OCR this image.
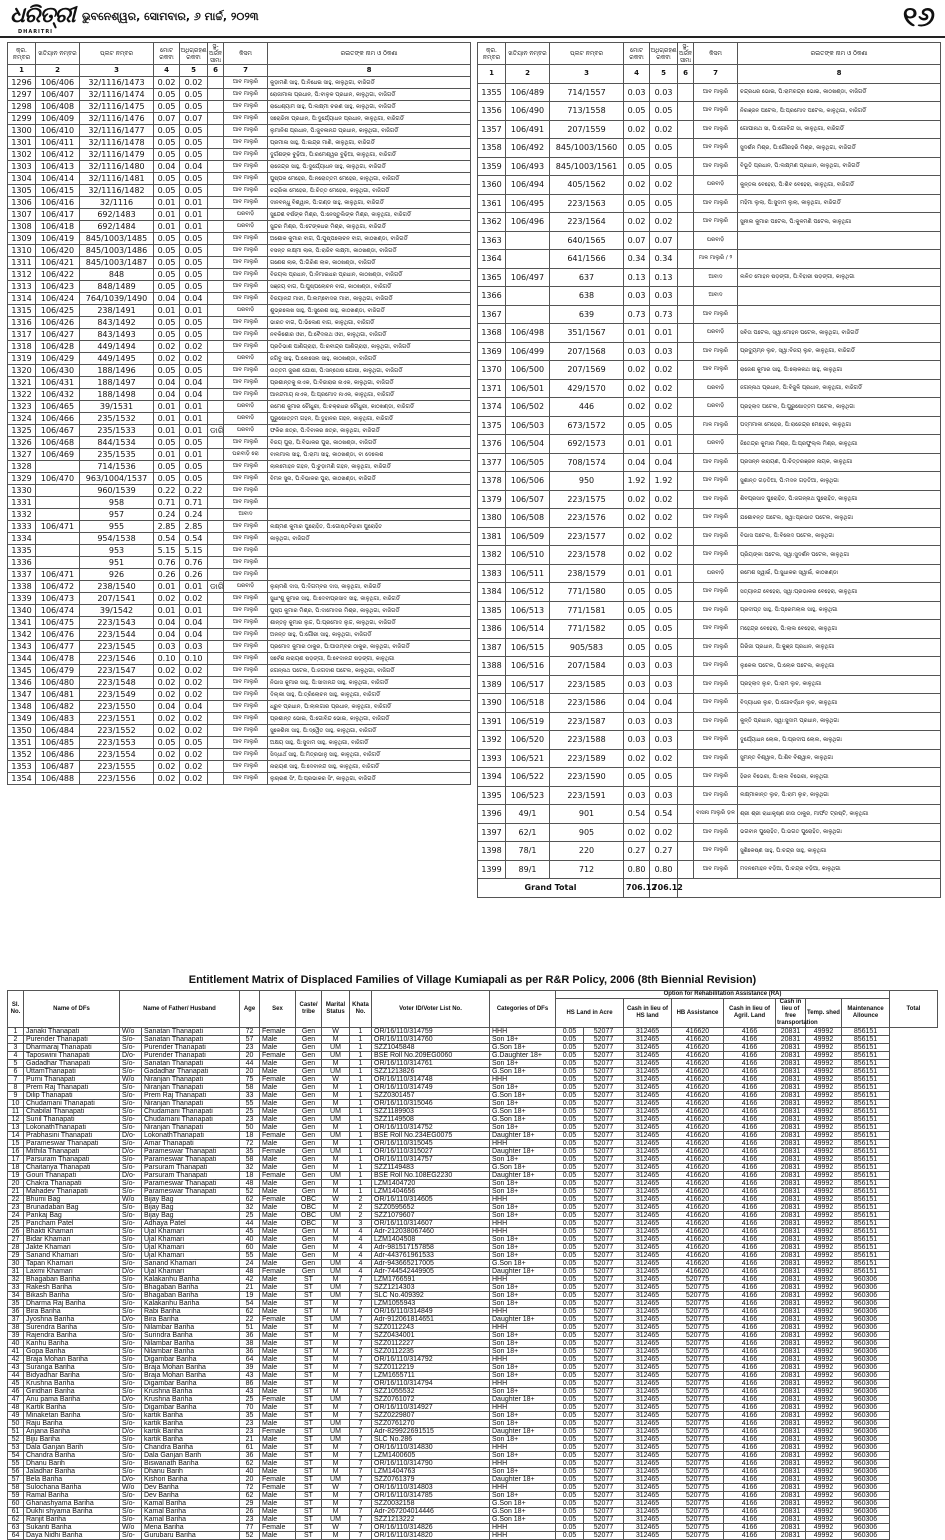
ଧରିତ୍ରୀ
DHARITRI
ଭୁବନେଶ୍ୱର, ସୋମବାର, ୬ ମାର୍ଚ୍ଚ, ୨୦୨୩	୧୬
କ୍ର. ନମ୍ବର	ଖତିୟାନ ନମ୍ବର	ପ୍ଲଟ ନମ୍ବର	ମୋଟ ରକବା	ଅଧିଗ୍ରହଣ ରକବା	ସ୍ଥ-ଅର୍ଜନ ସୀମା	କିସମ	ରଇତଙ୍କ ନାମ ଓ ଠିକଣା
1	2	3	4	5	6	7	8
1296	106/406	32/1116/1473	0.02	0.02		ଆବ ମାଲୁରି	କୁଡ଼ାମଣି ସାହୁ, ପି:ନିଧେଇ ସାହୁ, କାଳୁଥିଗା, ବାଜିଗର୍ଡି
1297	106/407	32/1116/1474	0.05	0.05		ଆବ ମାଲୁରି	ରୋଜାମାଳା ପ୍ରଧାନ, ପି:ବାଳୁକ ପ୍ରଧାନ, କାଳୁଥିଗା, ବାଜିଗର୍ଡି
1298	106/408	32/1116/1475	0.05	0.05		ଆବ ମାଲୁରି	ରାଧେଶ୍ୟାମ ସାହୁ, ପି:ଲକ୍ଷ୍ମୀ ଚରଣ ସାହୁ, କାଳୁଥିଗା, ବାଜିଗର୍ଡି
1299	106/409	32/1116/1476	0.07	0.07		ଆବ ମାଲୁରି	ସରୋଜିନୀ ପ୍ରଧାନ, ପି:ଦୁର୍ଯ୍ୟୋଧନ ପ୍ରଧାନ, କାଳୁଥିଗା, ବାଜିଗର୍ଡି
1300	106/410	32/1116/1477	0.05	0.05		ଆବ ମାଲୁରି	ଲୁମାନିଶ ପ୍ରଧାନ, ପି:ଜୁବଳାନନ୍ଦ ପ୍ରଧାନ, କାଳୁଥିଗା, ବାଜିଗର୍ଡି
1301	106/411	32/1116/1478	0.05	0.05		ଆବ ମାଲୁରି	ପ୍ରମୀଳା ସାହୁ, ପି:ଇନ୍ଦ୍ର ମାଣି, କାଳୁଥିଗା, ବାଜିଗର୍ଡି
1302	106/412	32/1116/1479	0.05	0.05		ଆବ ମାଲୁରି	ଦୁର୍ଗଶଙ୍କ ବୁଢ଼ିଆ, ପି:ରମେଶ୍ୱର ବୁଢ଼ିଆ, କାଳୁଥିଗା, ବାଜିଗର୍ଡି
1303	106/413	32/1116/1480	0.04	0.04		ଆବ ମାଲୁରି	ରାଜେନ୍ଦ୍ର ସାହୁ, ପି:ଦୁର୍ଯ୍ୟୋଧନ ସାହୁ, କାଳୁଥିଗା, ବାଜିଗର୍ଡି
1304	106/414	32/1116/1481	0.05	0.05		ଆବ ମାଲୁରି	ପୁଷ୍ପକ ମେହେର, ପି:ନରୋତ୍ତମ ମେହେର, କାଳୁଥିଗା, ବାଜିଗର୍ଡି
1305	106/415	32/1116/1482	0.05	0.05		ଆବ ମାଲୁରି	ଚନ୍ଦ୍ରିକା ମେହେର, ପି:ଚିତ୍ତ ମେହେର, କାଳୁଥିଗା, ବାଜିଗର୍ଡି
1306	106/416	32/1116	0.01	0.01		ଆବ ମାଲୁରି	ଦୀନବନ୍ଧୁ ବିଶ୍ୱାଳ, ପି:ଗଣ୍ଡ ସାହୁ, କାଳୁଥିଗା, ବାଜିଗର୍ଡି
1307	106/417	692/1483	0.01	0.01		ଘରବାଡ଼ି	ସୁନ୍ଦେଶ ବର୍ଷଙ୍କ ମିଶ୍ର, ପି:ନେସ୍ତୁଲିଙ୍କ ମିଶ୍ର, କାଳୁଥିଗା, ବାଜିଗର୍ଡି
1308	106/418	692/1484	0.01	0.01		ଘରବାଡ଼ି	ସୁନ୍ଦର ମିଶ୍ର, ପି:ଟେଙ୍କଧର ମିଶ୍ର, କାଳୁଥିଗା, ବାଜିଗର୍ଡି
1309	106/419	845/1003/1485	0.05	0.05		ଆବ ମାଲୁରି	ଅଶୋକ କୁମାର ବାଗ, ପି:ପୁଷ୍ପଲୋଚନ ବାଗ, କାଠଖଣ୍ଡା, ବାଜିଗର୍ଡି
1310	106/420	845/1003/1486	0.05	0.05		ଆବ ମାଲୁରି	ବସନ୍ତ ଲକ୍ଷ୍ମୀ ଲାକ, ପି:ରାଜିବ ଲକ୍ଷ୍ମୀ, କାଠଖଣ୍ଡା, ବାଜିଗର୍ଡି
1311	106/421	845/1003/1487	0.05	0.05		ଆବ ମାଲୁରି	ଗଣେଶ ଲାକ, ପି:ଗିରିଶ ଲାକ, କାଠଖଣ୍ଡା, ବାଜିଗର୍ଡି
1312	106/422	848	0.05	0.05		ଆବ ମାଲୁରି	ବିଜୟଲ ପ୍ରଧାନ, ପି:ନିମାଇଧର ପ୍ରଧାନ, କାଠଖଣ୍ଡା, ବାଜିଗର୍ଡି
1313	106/423	848/1489	0.05	0.05		ଆବ ମାଲୁରି	ସଞ୍ଜୟ ବାଗ, ପି:ପୁଷ୍ପଲୋଚନ ବାଗ, କାଠଖଣ୍ଡା, ବାଜିଗର୍ଡି
1314	106/424	764/1039/1490	0.04	0.04		ଆବ ମାଲୁରି	ବିଜୟାନନ୍ଦ ମାଝୀ, ପି:ଲମ୍ବୋଦର ମାଝୀ, କାଳୁଥିଗା, ବାଜିଗର୍ଡି
1315	106/425	238/1491	0.01	0.01		ଘରବାଡ଼ି	ଶୁଭ୍ରଲେଖ ସାହୁ, ପି:ସୁରେଶ ସାହୁ, କାଠଖଣ୍ଡା, ବାଜିଗର୍ଡି
1316	106/426	843/1492	0.05	0.05		ଆବ ମାଲୁରି	ଭାରତ ବାଗ, ପି:ଭିଲେଣ ବାଗ, କାଳୁଥିଗା, ବାଜିଗର୍ଡି
1317	106/427	843/1493	0.05	0.05		ଆବ ମାଲୁରି	ନବକିଶୋର ଓଝା, ପି:ବୈଦନାଥ ଓଝା, କାଳୁଥିଗା, ବାଜିଗର୍ଡି
1318	106/428	449/1494	0.02	0.02		ଆବ ମାଲୁରି	ପ୍ରତିଭାଶ ପାଣିଗ୍ରାହୀ, ପି:ରବୀନ୍ଦ୍ର ପାଣିଗ୍ରାହୀ, କାଳୁଥିଗା, ବାଜିଗର୍ଡି
1319	106/429	449/1495	0.02	0.02		ଘରବାଡ଼ି	ଜଗିବୁ ସାହୁ, ପି:ଲେସେଲ ସାହୁ, କାଠଖଣ୍ଡା, ବାଜିଗର୍ଡି
1320	106/430	188/1496	0.05	0.05		ଆବ ମାଲୁରି	ଉତ୍ତମ ଜୁରଣ ଯୋଷୀ, ପି:ସନ୍ତୋଷ ଯୋଷୀ, କାଳୁଥିଗା, ବାଜିଗର୍ଡି
1321	106/431	188/1497	0.04	0.04		ଆବ ମାଲୁରି	ପ୍ରଶାନ୍ତକୁ ନାଏକ, ପି:ବିଜାରାର ନାଏକ, କାଳୁଥିଗା, ବାଜିଗର୍ଡି
1322	106/432	188/1498	0.04	0.04		ଆବ ମାଲୁରି	ଆନନ୍ଦମାୟ ନାଏକ, ପି:ପ୍ରମୋଦ ନାଏକ, କାଳୁଥିଗା, ବାଜିଗର୍ଡି
1323	106/465	39/1531	0.01	0.01		ଘରବାଡ଼ି	ରମେଶ କୁମାର ଚୌଧୁରୀ, ପି:ଚକ୍ରଧର ଚୌଧୁରୀ, କାଠଖଣ୍ଡା, ବାଜିଗର୍ଡି
1324	106/466	235/1532	0.01	0.01		ଘରବାଡ଼ି	ପୁରୁଷୋତ୍ତମ ଗହନ, ପି:ଦୁହାନର ଗହନ, କାଳୁଥିଗା, ବାଜିଗର୍ଡି
1325	106/467	235/1533	0.01	0.01	ଡାରି	ଘରବାଡ଼ି	ଫକିର ଛତ୍ର, ପି:ଦିବାକର ଛତ୍ର, କାଳୁଥିଗା, ବାଜିଗର୍ଡି
1326	106/468	844/1534	0.05	0.05		ଆବ ମାଲୁରି	ବିଜୟ ପୁରା, ପି:ବିଭାକର ପୁରା, କାଠଖଣ୍ଡା, ବାଜିଗର୍ଡି
1327	106/469	235/1535	0.01	0.01		ଘରବାଡ଼ି ରୋ	ବାଲମାଲ ସାହୁ, ପି:ରାମା ସାହୁ, କାଠଖଣ୍ଡା, ବା ଦେଲେଶ
1328		714/1536	0.05	0.05		ଆବ ମାଲୁରି	ଲାଲମୋହନ ଗହନ, ପି:ଚୁଡ଼ାମଣି ଗହନ, କାଳୁଥିଗା, ବାଜିଗର୍ଡି
1329	106/470	963/1004/1537	0.05	0.05		ଆବ ମାଲୁରି	ବିମଳ ସୁନା, ପି:ବିଭାକର ପୁରା, କାଠଖଣ୍ଡା, ବାଜିଗର୍ଡି
1330		960/1539	0.22	0.22		ଆବ ମାଲୁରି	
1331		958	0.71	0.71		ଆବ ମାଲୁରି	
1332		957	0.24	0.24		ଆବାଦ	
1333	106/471	955	2.85	2.85		ଆବ ମାଲୁରି	ଲକ୍ଷ୍ମଣ କୁମାର ପୁରୋହିତ, ପି:ଗୋଷ୍ଠବିହାରୀ ପୁରୋହିତ
1334		954/1538	0.54	0.54		ଆବ ମାଲୁରି	କାଳୁଥିଗା, ବାଜିଗର୍ଡି
1335		953	5.15	5.15		ଆବ ମାଲୁରି	
1336		951	0.76	0.76		ଆବ ମାଲୁରି	
1337	106/471	926	0.26	0.26		ଆବ ମାଲୁରି	
1338	106/472	238/1540	0.01	0.01	ଡାରି	ଘରବାଡ଼ି	ଲୁଚାମଣି ଦାସ, ପି:ଦିଗମ୍ବର ଦାସ, କାଳୁଥିଗା, ବାଜିଗର୍ଡି
1339	106/473	207/1541	0.02	0.02		ଆବ ମାଲୁରି	ସୁଧାଂଶୁ କୁମାର ସାହୁ, ପି:ଦେବୀପ୍ରସାଦ ସାହୁ, କାଳୁଥିଗା, ବାଜିଗର୍ଡି
1340	106/474	39/1542	0.01	0.01		ଆବ ମାଲୁରି	ପୁଷ୍ପ କୁମାର ମିଶ୍ର, ପି:ଦାମୋଦର ମିଶ୍ର, କାଳୁଥିଗା, ବାଜିଗର୍ଡି
1341	106/475	223/1543	0.04	0.04		ଆବ ମାଲୁରି	ଶାନ୍ତନୁ କୁମାର ଲୁଚ୍ଚ, ପି:ପ୍ରମୋଦ ଲୁଚ୍ଚ, କାଳୁଥିଗା, ବାଜିଗର୍ଡି
1342	106/476	223/1544	0.04	0.04		ଆବ ମାଲୁରି	ଅନନ୍ତ ସାହୁ, ପି:ଗୌରୀ ସାହୁ, କାଳୁଥିଗା, ବାଜିଗର୍ଡି
1343	106/477	223/1545	0.03	0.03		ଆବ ମାଲୁରି	ପ୍ରମୋଦ କୁମାର ଠାକୁର, ପି:ପୀତାମ୍ବର ଠାକୁର, କାଳୁଥିଗା, ବାଜିଗର୍ଡି
1344	106/478	223/1546	0.10	0.10		ଆବ ମାଲୁରି	ସର୍ବେଶ ନାରାୟଣ ଷଡ଼ଙ୍ଗୀ, ପି:ବେଦାନନ୍ଦ ଷଡ଼ଙ୍ଗୀ, କାଳୁଥିଗା
1345	106/479	223/1547	0.02	0.02		ଆବ ମାଲୁରି	ଜଗନ୍ନାଥ ପଟେଲ, ପି:ଜଗଦୀଶ ପଟେଲ, କାଳୁଥିଗା, ବାଜିଗର୍ଡି
1346	106/480	223/1548	0.02	0.02		ଆବ ମାଲୁରି	ନିଭାସ କୁମାର ସାହୁ, ପି:ସାଦାନନ୍ଦ ସାହୁ, କାଳୁଥିଗା, ବାଜିଗର୍ଡି
1347	106/481	223/1549	0.02	0.02		ଆବ ମାଲୁରି	ଦିଲ୍ଲୀ ସାହୁ, ପି:ତ୍ରିଲୋଚନ ସାହୁ, କାଳୁଥିଗା, ବାଜିଗର୍ଡି
1348	106/482	223/1550	0.04	0.04		ଆବ ମାଲୁରି	ଧ୍ରୁବ ପ୍ରଧାନ, ପି:ଲାଲଗାର ପ୍ରଧାନ, କାଳୁଥିଗା, ବାଜିଗର୍ଡି
1349	106/483	223/1551	0.02	0.02		ଆବ ମାଲୁରି	ପ୍ରଶାନ୍ତ ଭୋଇ, ପି:ଗୋବିନ୍ଦ ଭୋଇ, କାଳୁଥିଗା, ବାଜିଗର୍ଡି
1350	106/484	223/1552	0.02	0.02		ଆବ ମାଲୁରି	ସୁକେଶିନୀ ସାହୁ, ପି:ଦ୍ୱୈତ ସାହୁ, କାଳୁଥିଗା, ବାଜିଗର୍ଡି
1351	106/485	223/1553	0.05	0.05		ଆବ ମାଲୁରି	ଅକ୍ଷୟ ସାହୁ, ପି:ସୁଦାମ ସାହୁ, କାଳୁଥିଗା, ବାଜିଗର୍ଡି
1352	106/486	223/1554	0.02	0.02		ଆବ ମାଲୁରି	ସିଦ୍ଧାର୍ଥ ସାହୁ, ପି:ମିତ୍ରଭାନୁ ସାହୁ, କାଳୁଥିଗା, ବାଜିଗର୍ଡି
1353	106/487	223/1555	0.02	0.02		ଆବ ମାଲୁରି	ନାରାୟଣ ସାହୁ, ପି:ଦେବାନନ୍ଦ ସାହୁ, କାଳୁଥିଗା, ବାଜିଗର୍ଡି
1354	106/488	223/1556	0.02	0.02		ଆବ ମାଲୁରି	ଲୁଚାରଣ ସିଂ, ପି:ପ୍ରଭାକର ସିଂ, କାଳୁଥିଗା, ବାଜିଗର୍ଡି
କ୍ର. ନମ୍ବର	ଖତିୟାନ ନମ୍ବର	ପ୍ଲଟ ନମ୍ବର	ମୋଟ ରକବା	ଅଧିଗ୍ରହଣ ରକବା	ସ୍ଥ-ଅର୍ଜନ ସୀମା	କିସମ	ରଇତଙ୍କ ନାମ ଓ ଠିକଣା
1	2	3	4	5	6	7	8
1355	106/489	714/1557	0.03	0.03		ଆବ ମାଲୁରି	ଚନ୍ଦ୍ରଧର ଭୋଇ, ପି:ରାମଚନ୍ଦ୍ର ଭୋଇ, କାଠଖଣ୍ଡା, ବାଜିଗର୍ଡି
1356	106/490	713/1558	0.05	0.05		ଆବ ମାଲୁରି	ନିରଞ୍ଜନ ପଟେଲ, ପି:ପ୍ରମୋଦ ପଟେଲ, କାଳୁଥିଗା, ବାଜିଗର୍ଡି
1357	106/491	207/1559	0.02	0.02		ଆବ ମାଲୁରି	ଗୋପୀନାଥ ସା, ପି:ଗୋବିନ୍ଦ ସା, କାଳୁଥିଗା, ବାଜିଗର୍ଡି
1358	106/492	845/1003/1560	0.05	0.05		ଆବ ମାଲୁରି	ସୁଦର୍ଶନ ମିଶ୍ର, ପି:ଗୌରହରି ମିଶ୍ର, କାଳୁଥିଗା, ବାଜିଗର୍ଡି
1359	106/493	845/1003/1561	0.05	0.05		ଆବ ମାଲୁରି	ବିଭୂତି ପ୍ରଧାନ, ପି:ଲକ୍ଷ୍ମଣ ପ୍ରଧାନ, କାଳୁଥିଗା, ବାଜିଗର୍ଡି
1360	106/494	405/1562	0.02	0.02		ଘରବାଡ଼ି	କୁନ୍ତଳା ବେହେରା, ପି:ଶିବ ବେହେରା, କାଳୁଥିଗା, ବାଜିଗର୍ଡି
1361	106/495	223/1563	0.05	0.05		ଆବ ମାଲୁରି	ମହିମା ଲୁଲା, ପି:ସୁଦାମ ଲୁଲା, କାଳୁଥିଗା, ବାଜିଗର୍ଡି
1362	106/496	223/1564	0.02	0.02		ଆବ ମାଲୁରି	ସୁନୀଲ କୁମାର ପଟେଲ, ପି:କୁଳମଣି ପଟେଲ, କାଳୁଥିଗା
1363		640/1565	0.07	0.07		ଘରବାଡ଼ି	
1364		641/1566	0.34	0.34		ମାଳ ମାଲୁରି / ୨	
1365	106/497	637	0.13	0.13		ଆବାଦ	ଲଳିତ ମୋହନ ଷଡ଼ଙ୍ଗୀ, ପି:ବିହାରୀ ଷଡ଼ଙ୍ଗୀ, କାଳୁଥିଗା
1366		638	0.03	0.03		ଆବାଦ	
1367		639	0.73	0.73		ଆବ ମାଲୁରି	
1368	106/498	351/1567	0.01	0.01		ଘରବାଡ଼ି	ସବିତା ପଟେଲ, ସ୍ୱା:ମୋହନ ପଟେଲ, କାଳୁଥିଗା, ବାଜିଗର୍ଡି
1369	106/499	207/1568	0.03	0.03		ଆବ ମାଲୁରି	ପ୍ରଦ୍ୟୁମ୍ନ ଲୁଚ, ସ୍ୱା:ବିଜୟ ଲୁଚ, କାଳୁଥିଗା, ବାଜିଗର୍ଡି
1370	106/500	207/1569	0.02	0.02		ଆବ ମାଲୁରି	ରାଜେଶ କୁମାର ସାହୁ, ପି:ଲୋକନାଥ ସାହୁ, କାଳୁଥିଗା
1371	106/501	429/1570	0.02	0.02		ଘରବାଡ଼ି	ଜଗନ୍ନାଥ ପ୍ରଧାନ, ପି:ବିଜୁଳି ପ୍ରଧାନ, କାଳୁଥିଗା, ବାଜିଗର୍ଡି
1374	106/502	446	0.02	0.02		ଘରବାଡ଼ି	ପ୍ରହ୍ଲାଦ ପଟେଲ, ପି:ପୁରୁଷୋତ୍ତମ ପଟେଲ, କାଳୁଥିଗା
1375	106/503	673/1572	0.05	0.05		ମାଳ ମାଲୁରି	ପଦ୍ମମାଳୀ ମେହେର, ପି:ରାଜେନ୍ଦ୍ର ମେହେର, କାଳୁଥିଗା
1376	106/504	692/1573	0.01	0.01		ଘରବାଡ଼ି	ଜିତେନ୍ଦ୍ର କୁମାର ମିଶ୍ର, ପି:ପ୍ରଫୁଲ୍ଲ ମିଶ୍ର, କାଳୁଥିଗା
1377	106/505	708/1574	0.04	0.04		ଆବ ମାଲୁରି	ପ୍ରସନ୍ନ ନାରାୟଣ, ପି:ଚିତ୍ତରଞ୍ଜନ ନାୟକ, କାଳୁଥିଗା
1378	106/506	950	1.92	1.92		ଆବ ମାଲୁରି	ସୁଶାନ୍ତ ଗଡ଼ତିଆ, ପି:ମଦନ ଗଡ଼ତିଆ, କାଳୁଥିଗା
1379	106/507	223/1575	0.02	0.02		ଆବ ମାଲୁରି	ଶିବପ୍ରସାଦ ପୁରୋହିତ, ପି:ଜଗନ୍ନାଥ ପୁରୋହିତ, କାଳୁଥିଗା
1380	106/508	223/1576	0.02	0.02		ଆବ ମାଲୁରି	ଯଶୋବନ୍ତ ପଟେଲ, ସ୍ୱା:ପ୍ରଭାତ ପଟେଲ, କାଳୁଥିଗା
1381	106/509	223/1577	0.02	0.02		ଆବ ମାଲୁରି	ବିଭାସ ପଟେଲ, ପି:ବିନୋଦ ପଟେଲ, କାଳୁଥିଗା
1382	106/510	223/1578	0.02	0.02		ଆବ ମାଲୁରି	ପ୍ରିୟଙ୍କା ପଟେଲ, ସ୍ୱା:ସୁଦର୍ଶନ ପଟେଲ, କାଳୁଥିଗା
1383	106/511	238/1579	0.01	0.01		ଘରବାଡ଼ି	ରମେଶ ସ୍ୱାଇଁ, ପି:ସୁଧାକର ସ୍ୱାଇଁ, କାଠଖଣ୍ଡା
1384	106/512	771/1580	0.05	0.05		ଆବ ମାଲୁରି	ସତ୍ୟାନନ୍ଦ ବେହେରା, ସ୍ୱା:ପ୍ରଭାକର ବେହେରା, କାଳୁଥିଗା
1385	106/513	771/1581	0.05	0.05		ଆବ ମାଲୁରି	ପ୍ରଦୀପ୍ତ ସାହୁ, ପି:ପ୍ରେମଲାଲ ସାହୁ, କାଳୁଥିଗା
1386	106/514	771/1582	0.05	0.05		ଆବ ମାଲୁରି	ମହେନ୍ଦ୍ର ବେହେରା, ପି:ଲାଲ ବେହେରା, କାଳୁଥିଗା
1387	106/515	905/583	0.05	0.05		ଆବ ମାଲୁରି	ଗିରିଜା ପ୍ରଧାନ, ପି:କୁଞ୍ଜ ପ୍ରଧାନ, କାଳୁଥିଗା
1388	106/516	207/1584	0.03	0.03		ଆବ ମାଲୁରି	ଲୁକେଲ ପଟେଲ, ପି:ଲୋକ ପଟେଲ, କାଳୁଥିଗା
1389	106/517	223/1585	0.03	0.03		ଆବ ମାଲୁରି	ପ୍ରହ୍ଲାଦ ଲୁଚ, ପି:ରାମ ଲୁଚ, କାଳୁଥିଗା
1390	106/518	223/1586	0.04	0.04		ଆବ ମାଲୁରି	ବିଦ୍ୟାଧର ଲୁଚ, ପି:ଗୋବର୍ଦ୍ଧନ ଲୁଚ, କାଳୁଥିଗା
1391	106/519	223/1587	0.03	0.03		ଆବ ମାଲୁରି	କୁନ୍ତି ପ୍ରଧାନ, ସ୍ୱା:ସୁଦାମ ପ୍ରଧାନ, କାଳୁଥିଗା
1392	106/520	223/1588	0.03	0.03		ଆବ ମାଲୁରି	ଦୁର୍ଯ୍ୟୋଧନ ଲୋଲ, ପି:ପ୍ରଦୀପ ଲୋଲ, କାଳୁଥିଗା
1393	106/521	223/1589	0.02	0.02		ଆବ ମାଲୁରି	ସୁମନ୍ତ ବିଶ୍ୱାଳ, ପି:ଶିବ ବିଶ୍ୱାଳ, କାଳୁଥିଗା
1394	106/522	223/1590	0.05	0.05		ଆବ ମାଲୁରି	ହିରନ ବିଭେରୀ, ପି:ଲାଲ ବିଭେରୀ, କାଳୁଥିଗା
1395	106/523	223/1591	0.03	0.03		ଆବ ମାଲୁରି	ଲକ୍ଷ୍ମୀକାନ୍ତ ଲୁଚ, ପି:ରାମ ଲୁଚ, କାଳୁଥିଗା
1396	49/1	901	0.54	0.54		ବାସନା ମାଲୁରି ଡ଼ଳ	ଶ୍ରୀ ଶ୍ରୀ ରାଧାକୃଷ୍ଣ ଜୀଉ ଠାକୁର, ମାର୍ଫତ ଟ୍ରଷ୍ଟି, କାଳୁଥିଗା
1397	62/1	905	0.02	0.02		ଆବ ମାଲୁରି	ଭଗବାନ ପୁରୋହିତ, ପି:ଭଗତ ପୁରୋହିତ, କାଳୁଥିଗା
1398	78/1	220	0.27	0.27		ଆବ ମାଲୁରି	ସୁଶିକେଷ୍ଣ ସାହୁ, ପି:ଚନ୍ଦ୍ର ସାହୁ, କାଳୁଥିଗା
1399	89/1	712	0.80	0.80		ଆବ ମାଲୁରି	ମଦନମୋହନ ବଡ଼ିଆ, ପି:ଚନ୍ଦ୍ର ବଡ଼ିଆ, କାଳୁଥିଗା
Grand Total			706.12	706.12			
Entitlement Matrix of Displaced Families of Village Kumiapali as per R&R Policy, 2006 (8th Biennial Revision)
Sl. No.	Name of DFs	Name of Father/ Husband		Age	Sex	Caste/ tribe	Marital Status	Khata No.	Voter ID/Voter List No.	Categories of DFs	Option for Rehabilitation Assistance (RA)								Total
											HS Land in Acre		Cash in lieu of HS land	HB Assistance	Cash in lieu of Agril. Land	Cash in lieu of free transportation	Temp. shed	Maintenance Allounce	
1	Janaki Thanapati	W/o	Sanatan Thanapati	72	Female	Gen	W	1	OR/16/110/314759	HHH	0.05	52077	312465	416620	4166	20831	49992	856151	
2	Purender Thanapati	S/o-	Sanatan Thanapati	57	Male	Gen	M	1	OR/16/110/314760	Son 18+	0.05	52077	312465	416620	4166	20831	49992	856151	
3	Dharmaraj Thanapati	S/o-	Purender Thanapati	23	Male	Gen	UM	1	SZZ1045848	G.Son 18+	0.05	52077	312465	416620	4166	20831	49992	856151	
4	Taposwini Thanapati	D/o-	Purender Thanapati	20	Female	Gen	UM	1	BSE Roll No.209EG0060	G.Daughter 18+	0.05	52077	312465	416620	4166	20831	49992	856151	
5	Gadadhar Thanapati	S/o-	Sanatan Thanapati	44	Male	Gen	M	1	OR/16/110/314761	Son 18+	0.05	52077	312465	416620	4166	20831	49992	856151	
6	UttamThanapati	S/o-	Gadadhar Thanapati	20	Male	Gen	UM	1	SZZ1213826	G.Son 18+	0.05	52077	312465	416620	4166	20831	49992	856151	
7	Purni Thanapati	W/o	Niranjan Thanapati	75	Female	Gen	W	1	OR/16/110/314748	HHH	0.05	52077	312465	416620	4166	20831	49992	856151	
8	Prem Raj Thanapati	S/o-	Niranjan Thanapati	58	Male	Gen	M	1	OR/16/110/314749	Son 18+	0.05	52077	312465	416620	4166	20831	49992	856151	
9	Dilip Thanapati	S/o-	Prem Raj Thanapati	33	Male	Gen	M	1	SZZ0301457	G.Son 18+	0.05	52077	312465	416620	4166	20831	49992	856151	
10	Chudamani Thanapati	S/o-	Niranjan Thanapati	55	Male	Gen	M	1	OR/16/110/315046	Son 18+	0.05	52077	312465	416620	4166	20831	49992	856151	
11	Chabilal Thanapati	S/o-	Chudamani Thanapati	25	Male	Gen	UM	1	SZZ1189903	G.Son 18+	0.05	52077	312465	416620	4166	20831	49992	856151	
12	Sunil Thanapati	S/o-	Chudamani Thanapati	23	Male	Gen	UM	1	SZZ1149508	G.Son 18+	0.05	52077	312465	416620	4166	20831	49992	856151	
13	LokonathThanapati	S/o-	Niranjan Thanapati	50	Male	Gen	M	1	OR/16/110/314752	Son 18+	0.05	52077	312465	416620	4166	20831	49992	856151	
14	Prabhasini Thanapati	D/o-	LokonathThanapati	18	Female	Gen	UM	1	BSE Roll No.234EG0075	Daughter 18+	0.05	52077	312465	416620	4166	20831	49992	856151	
15	Parameswar Thanapati	S/o-	Amar Thanapati	72	Male	Gen	M	1	OR/16/110/315045	HHH	0.05	52077	312465	416620	4166	20831	49992	856151	
16	Mithila Thanapati	D/o-	Parameswar Thanapati	35	Female	Gen	UM	1	OR/16/110/315027	Daughter 18+	0.05	52077	312465	416620	4166	20831	49992	856151	
17	Parsuram Thanapati	S/o-	Parameswar Thanapati	58	Male	Gen	M	1	OR/16/110/314757	Son 18+	0.05	52077	312465	416620	4166	20831	49992	856151	
18	Chaitanya Thanapati	S/o-	Parsuram Thanapati	32	Male	Gen	M	1	SZZ1149483	G.Son 18+	0.05	52077	312465	416620	4166	20831	49992	856151	
19	Gouri Thanapati	D/o-	Parsuram Thanapati	18	Female	Gen	UM	1	BSE Roll No.108EG2230	Daughter 18+	0.05	52077	312465	416620	4166	20831	49992	856151	
20	Chakra Thanapati	S/o-	Parameswar Thanapati	48	Male	Gen	M	1	LZM1404720	Son 18+	0.05	52077	312465	416620	4166	20831	49992	856151	
21	Mahadev Thanapati	S/o-	Parameswar Thanapati	52	Male	Gen	M	1	LZM1404656	Son 18+	0.05	52077	312465	416620	4166	20831	49992	856151	
22	Bhumi Bag	W/o	Bijay Bag	62	Female	OBC	W	2	OR/16/110/314605	HHH	0.05	52077	312465	416620	4166	20831	49992	856151	
23	Brunadaban Bag	S/o-	Bijay Bag	32	Male	OBC	M	2	SZZ0595652	Son 18+	0.05	52077	312465	416620	4166	20831	49992	856151	
24	Pankaj Bag	S/o-	Bijay Bag	25	Male	OBC	UM	2	SZZ1079607	Son 18+	0.05	52077	312465	416620	4166	20831	49992	856151	
25	Pancham Patel	S/o-	Adhaya Patel	44	Male	OBC	M	3	OR/16/110/314607	HHH	0.05	52077	312465	416620	4166	20831	49992	856151	
26	Bhakti Khamari	S/o-	Ujal Khamari	45	Male	Gen	M	4	Adr-212038067460	HHH	0.05	52077	312465	416620	4166	20831	49992	856151	
27	Bidar Khamari	S/o-	Ujal Khamari	40	Male	Gen	M	4	LZM1404508	Son 18+	0.05	52077	312465	416620	4166	20831	49992	856151	
28	Jakte Khamari	S/o-	Ujal Khamari	60	Male	Gen	M	4	Adr-981517157858	Son 18+	0.05	52077	312465	416620	4166	20831	49992	856151	
29	Sanand Khamari	S/o-	Ujal Khamari	55	Male	Gen	M	4	Adr-443761961533	Son 18+	0.05	52077	312465	416620	4166	20831	49992	856151	
30	Tapan Khamari	S/o-	Sanand Khamari	24	Male	Gen	UM	4	Adr-943665217005	G.Son 18+	0.05	52077	312465	416620	4166	20831	49992	856151	
31	Laxmi Khamari	D/o-	Ujal Khamari	48	Female	Gen	UM	4	Adr-744542449905	Daughter 18+	0.05	52077	312465	416620	4166	20831	49992	856151	
32	Bhagaban Bariha	S/o-	Kalakanhu Bariha	42	Male	ST	M	7	LZM1766591	HHH	0.05	52077	312465	520775	4166	20831	49992	960306	
33	Rakesh Bariha	S/o-	Bhagaban Bariha	21	Male	ST	UM	7	SZZ1214303	Son 18+	0.05	52077	312465	520775	4166	20831	49992	960306	
34	Bikash Bariha	S/o-	Bhagaban Bariha	19	Male	ST	UM	7	SLC No.409392	Son 18+	0.05	52077	312465	520775	4166	20831	49992	960306	
35	Dharma Raj Bariha	S/o-	Kalakanhu Bariha	54	Male	ST	M	7	LZM1055943	Son 18+	0.05	52077	312465	520775	4166	20831	49992	960306	
36	Bira Bariha	S/o-	Rabi Bariha	62	Male	ST	M	7	OR/16/110/314849	HHH	0.05	52077	312465	520775	4166	20831	49992	960306	
37	Jyoshna Bariha	D/o-	Bira Bariha	22	Female	ST	UM	7	Adr-912061814651	Daughter 18+	0.05	52077	312465	520775	4166	20831	49992	960306	
38	Surendra Bariha	S/o-	Nilambar Bariha	51	Male	ST	M	7	SZZ0112243	HHH	0.05	52077	312465	520775	4166	20831	49992	960306	
39	Rajendra Bariha	S/o-	Surindra Bariha	36	Male	ST	M	7	SZZ0434001	Son 18+	0.05	52077	312465	520775	4166	20831	49992	960306	
40	Kanhu Bariha	S/o-	Nilambar Bariha	38	Male	ST	M	7	SZZ0112227	Son 18+	0.05	52077	312465	520775	4166	20831	49992	960306	
41	Gopa Bariha	S/o-	Nilambar Bariha	36	Male	ST	M	7	SZZ0112235	Son 18+	0.05	52077	312465	520775	4166	20831	49992	960306	
42	Braja Mohan Bariha	S/o-	Digambar Bariha	64	Male	ST	M	7	OR/16/110/314792	HHH	0.05	52077	312465	520775	4166	20831	49992	960306	
43	Suranga Bariha	S/o-	Braja Mohan Bariha	39	Male	ST	M	7	SZZ0112219	Son 18+	0.05	52077	312465	520775	4166	20831	49992	960306	
44	Bidyadhar Bariha	S/o-	Braja Mohan Bariha	43	Male	ST	M	7	LZM1655711	Son 18+	0.05	52077	312465	520775	4166	20831	49992	960306	
45	Krushna Bariha	S/o-	Digambar Bariha	86	Male	ST	M	7	OR/16/110/314794	HHH	0.05	52077	312465	520775	4166	20831	49992	960306	
46	Giridhari Bariha	S/o-	Krushna Bariha	43	Male	ST	M	7	SZZ1055532	Son 18+	0.05	52077	312465	520775	4166	20831	49992	960306	
47	Anu pama Bariha	D/o-	Krushna Bariha	25	Female	ST	UM	7	SZZ0761072	Daughter 18+	0.05	52077	312465	520775	4166	20831	49992	960306	
48	Kartik Bariha	S/o-	Digambar Bariha	70	Male	ST	M	7	OR/16/110/314927	HHH	0.05	52077	312465	520775	4166	20831	49992	960306	
49	Minaketan Bariha	S/o-	kartik Bariha	35	Male	ST	M	7	SZZ0229807	Son 18+	0.05	52077	312465	520775	4166	20831	49992	960306	
50	Raju Bariha	S/o-	kartik Bariha	23	Male	ST	UM	7	SZZ0761270	Son 18+	0.05	52077	312465	520775	4166	20831	49992	960306	
51	Anjana Bariha	D/o-	kartik Bariha	23	Female	ST	UM	7	Adr-829922691515	Daughter 18+	0.05	52077	312465	520775	4166	20831	49992	960306	
52	Biju Bariha	S/o-	kartik Bariha	21	Male	ST	UM	7	SLC No.286	Son 18+	0.05	52077	312465	520775	4166	20831	49992	960306	
53	Dala Ganjan Barih	S/o-	Chandra Bariha	61	Male	ST	M	7	OR/16/110/314830	HHH	0.05	52077	312465	520775	4166	20831	49992	960306	
54	Chandra Bariha	S/o-	Dala Ganjan Barih	36	Male	ST	M	7	LZM1400605	Son 18+	0.05	52077	312465	520775	4166	20831	49992	960306	
55	Dhanu Barih	S/o-	Biswanath Bariha	62	Male	ST	M	7	OR/16/110/314790	HHH	0.05	52077	312465	520775	4166	20831	49992	960306	
56	Jaladhar Bariha	S/o-	Dhanu Barih	40	Male	ST	M	7	LZM1404763	Son 18+	0.05	52077	312465	520775	4166	20831	49992	960306	
57	Bela Bariha	D/o-	Kishori Bariha	20	Female	ST	UM	7	SZZ0761379	Daughter 18+	0.05	52077	312465	520775	4166	20831	49992	960306	
58	Sulochana Bariha	W/o	Dev Bariha	72	Female	ST	W	7	OR/16/110/314803	HHH	0.05	52077	312465	520775	4166	20831	49992	960306	
59	Ramal Bariha	S/o-	Dev Bariha	62	Male	ST	M	7	OR/16/110/314785	Son 18+	0.05	52077	312465	520775	4166	20831	49992	960306	
60	Ghanashyama Bariha	S/o-	Kamal Bariha	29	Male	ST	M	7	SZZ0032158	G.Son 18+	0.05	52077	312465	520775	4166	20831	49992	960306	
61	Dukhi shyama Bariha	S/o-	Kamal Bariha	26	Male	ST	M	7	Adr-267204014446	G.Son 18+	0.05	52077	312465	520775	4166	20831	49992	960306	
62	Ranjit Bariha	S/o-	Kamal Bariha	23	Male	ST	UM	7	SZZ1213222	G.Son 18+	0.05	52077	312465	520775	4166	20831	49992	960306	
63	Sukanti Bariha	W/o	Mena Bariha	77	Female	ST	W	7	OR/16/110/314826	HHH	0.05	52077	312465	520775	4166	20831	49992	960306	
64	Daya Nidhi Bariha	S/o-	Gurubaru Bariha	52	Male	ST	M	7	OR/16/110/314820	HHH	0.05	52077	312465	520775	4166	20831	49992	960306	
